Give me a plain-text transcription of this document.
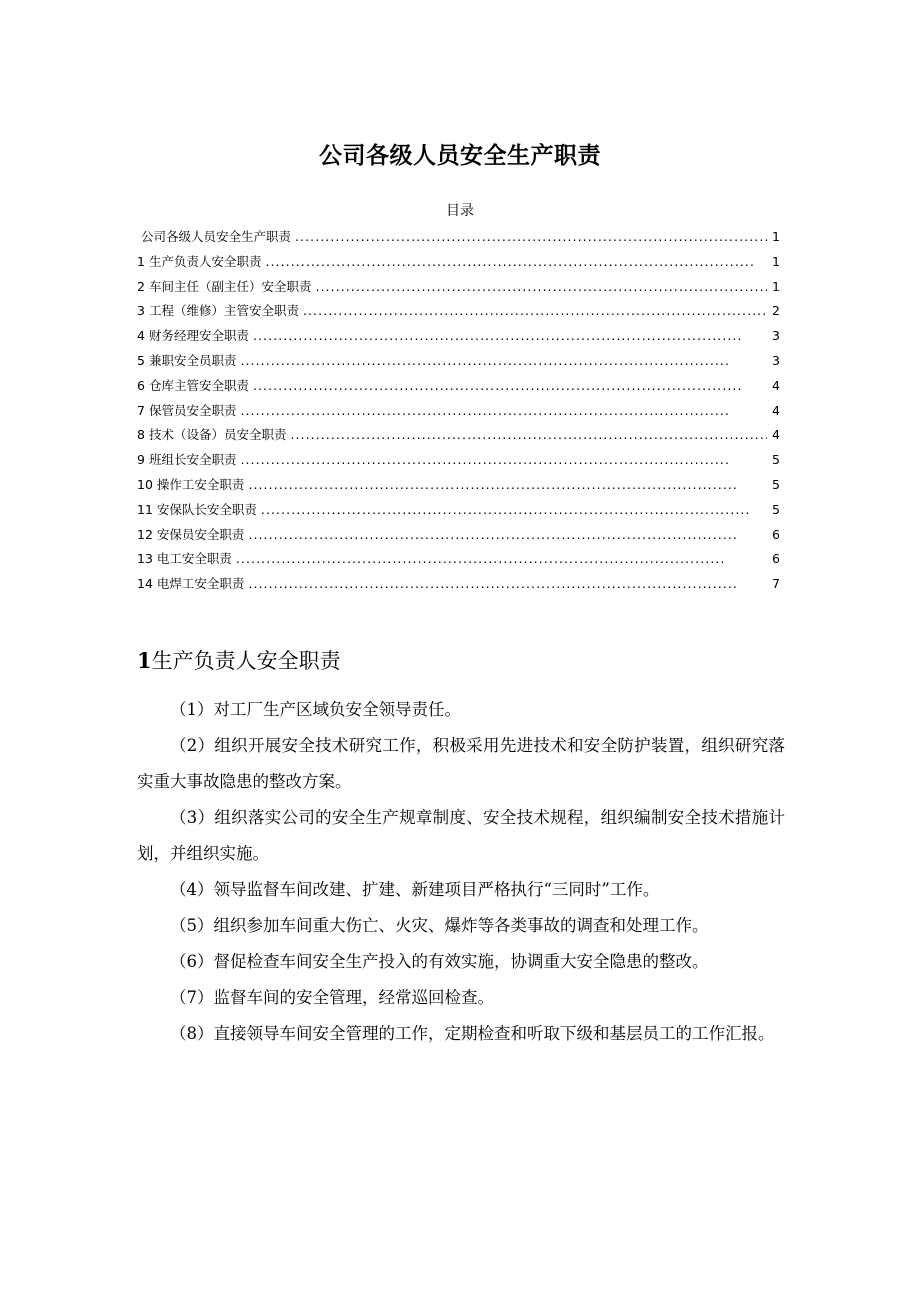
公司各级人员安全生产职责
目录
公司各级人员安全生产职责 . . .	1
1 生产负责人安全职责 . . .	1
2 车间主任（副主任）安全职责 . . .	1
3 工程（维修）主管安全职责 . . .	2
4 财务经理安全职责 . . .	3
5 兼职安全员职责 . . .	3
6 仓库主管安全职责 . . .	4
7 保管员安全职责 . . .	4
8 技术（设备）员安全职责 . . .	4
9 班组长安全职责 . . .	5
10 操作工安全职责 . . .	5
11 安保队长安全职责 . . .	5
12 安保员安全职责 . . .	6
13 电工安全职责 . . .	6
14 电焊工安全职责 . . .	7
1生产负责人安全职责

（1）对工厂生产区域负安全领导责任。

（2）组织开展安全技术研究工作，积极采用先进技术和安全防护装置，组织研究落实重大事故隐患的整改方案。

（3）组织落实公司的安全生产规章制度、安全技术规程，组织编制安全技术措施计划，并组织实施。

（4）领导监督车间改建、扩建、新建项目严格执行“三同时”工作。

（5）组织参加车间重大伤亡、火灾、爆炸等各类事故的调查和处理工作。

（6）督促检查车间安全生产投入的有效实施，协调重大安全隐患的整改。

（7）监督车间的安全管理，经常巡回检查。

（8）直接领导车间安全管理的工作，定期检查和听取下级和基层员工的工作汇报。
